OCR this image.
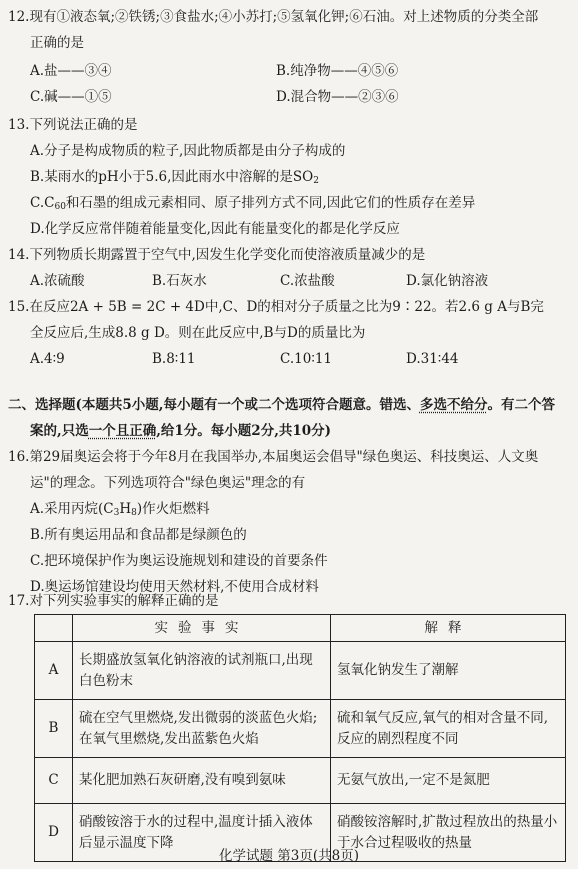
12.现有①液态氧;②铁锈;③食盐水;④小苏打;⑤氢氧化钾;⑥石油。对上述物质的分类全部
正确的是
A.盐——③④	B.纯净物——④⑤⑥
C.碱——①⑤	D.混合物——②③⑥
13.下列说法正确的是
A.分子是构成物质的粒子,因此物质都是由分子构成的
B.某雨水的pH小于5.6,因此雨水中溶解的是$SO_2$
$C.C_{60}$和石墨的组成元素相同、原子排列方式不同,因此它们的性质存在差异
D.化学反应常伴随着能量变化,因此有能量变化的都是化学反应
14.下列物质长期露置于空气中,因发生化学变化而使溶液质量减少的是
A.浓硫酸	B.石灰水	C.浓盐酸	D.氯化钠溶液
15.在反应2A + 5B = 2C + 4D中,C、D的相对分子质量之比为9∶22。若2.6 g A与B完
全反应后,生成8.8 g D。则在此反应中,B与D的质量比为
A.4∶9	B.8∶11	C.10∶11	D.31∶44
二、选择题(本题共5小题,每小题有一个或二个选项符合题意。错选、多选不给分。有二个答
案的,只选一个且正确,给1分。每小题2分,共10分)
16.第29届奥运会将于今年8月在我国举办,本届奥运会倡导"绿色奥运、科技奥运、人文奥
运"的理念。下列选项符合"绿色奥运"理念的有
A.采用丙烷$(C_3H_8)$作火炬燃料
B.所有奥运用品和食品都是绿颜色的
C.把环境保护作为奥运设施规划和建设的首要条件
D.奥运场馆建设均使用天然材料,不使用合成材料
17.对下列实验事实的解释正确的是
	实验事实	解释
A	长期盛放氢氧化钠溶液的试剂瓶口,出现白色粉末	氢氧化钠发生了潮解
B	硫在空气里燃烧,发出微弱的淡蓝色火焰;在氧气里燃烧,发出蓝紫色火焰	硫和氧气反应,氧气的相对含量不同,反应的剧烈程度不同
C	某化肥加熟石灰研磨,没有嗅到氨味	无氨气放出,一定不是氮肥
D	硝酸铵溶于水的过程中,温度计插入液体后显示温度下降	硝酸铵溶解时,扩散过程放出的热量小于水合过程吸收的热量
化学试题 第3页(共8页)
